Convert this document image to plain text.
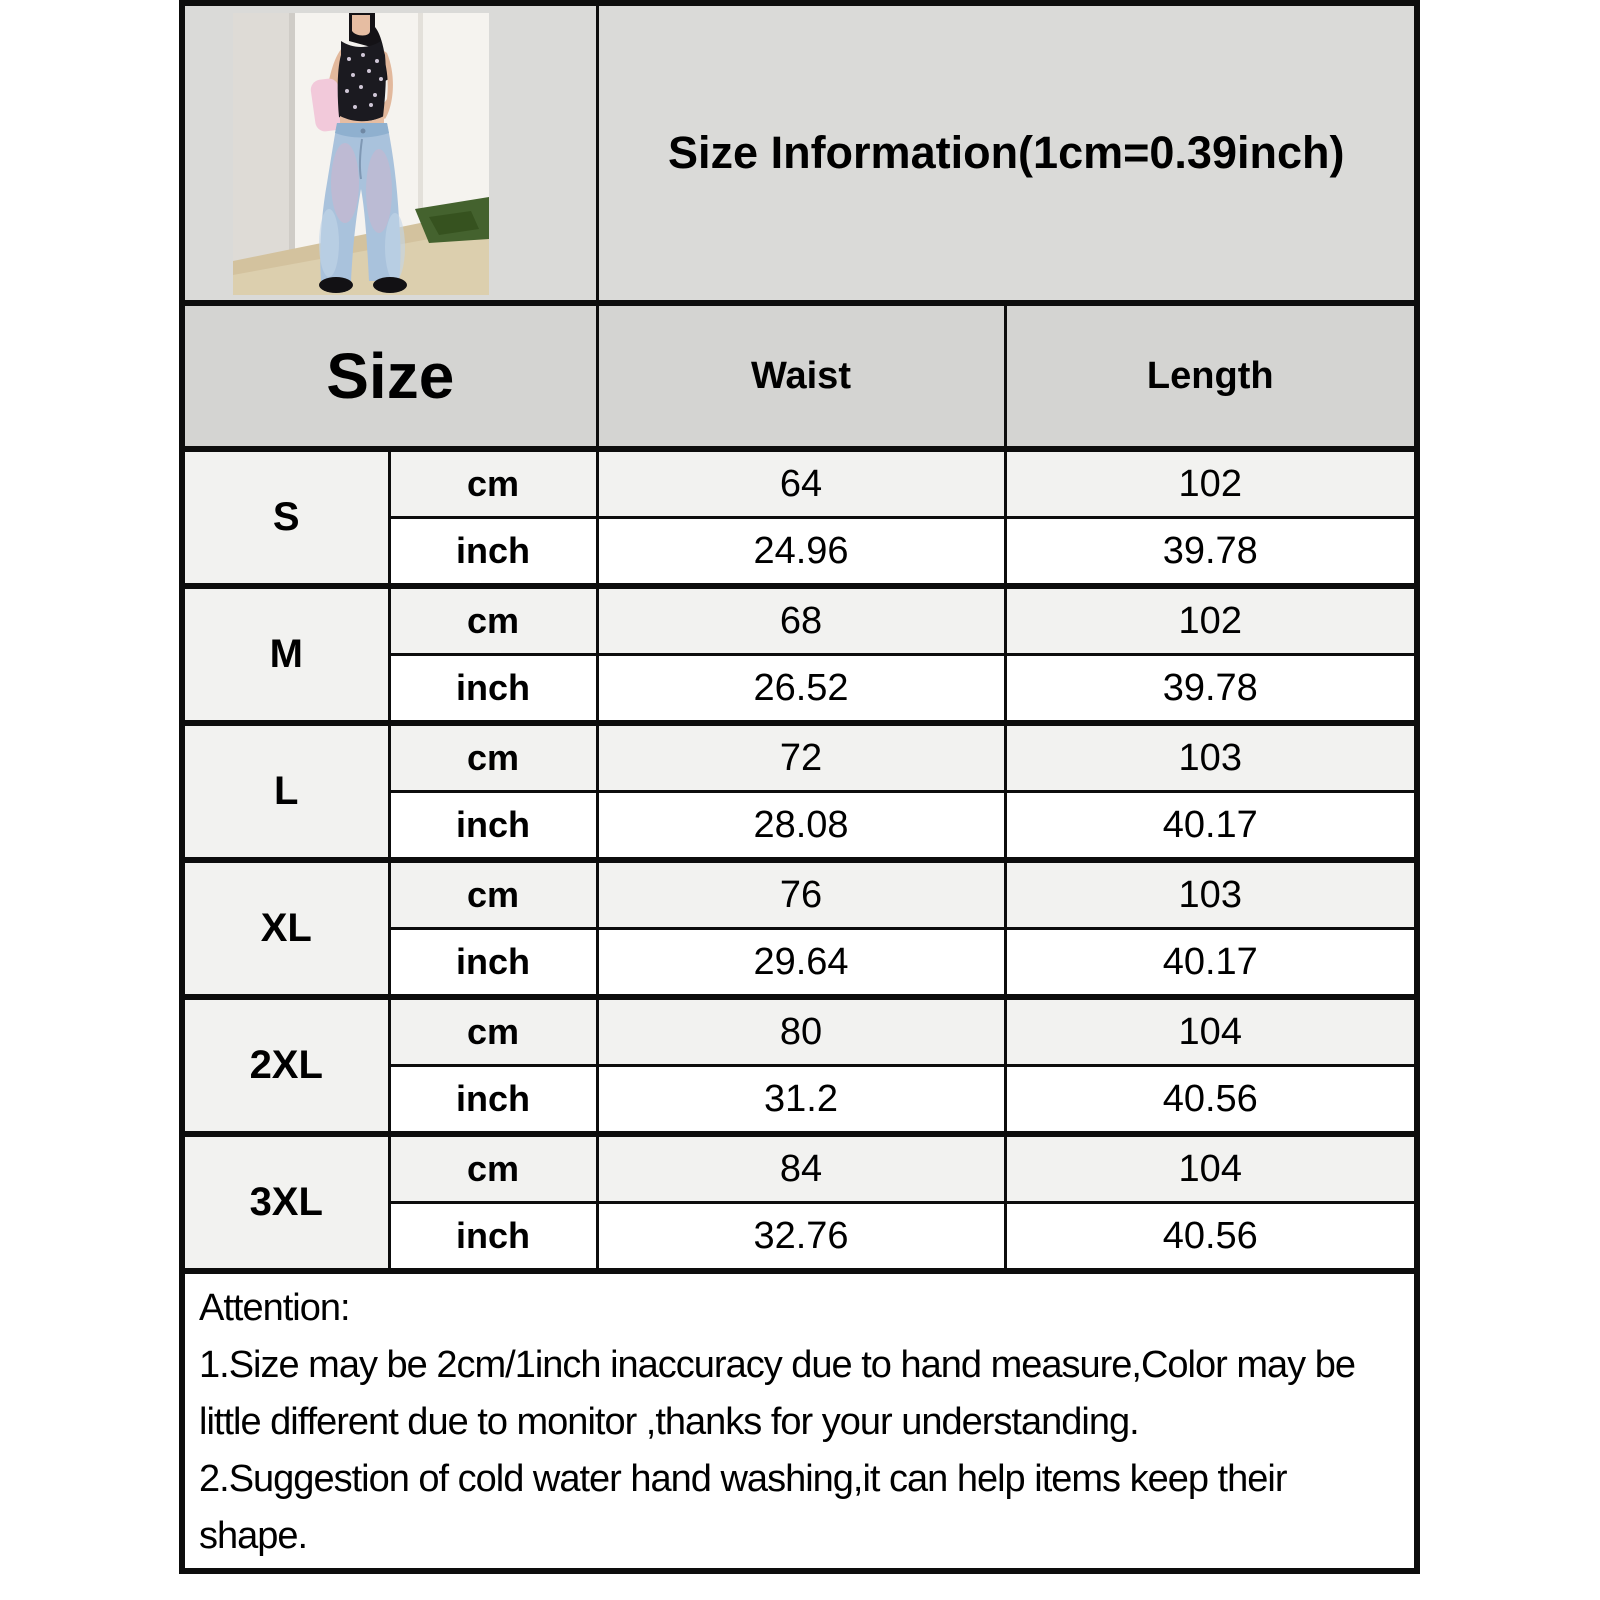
	Size Information(1cm=0.39inch)	
Size		Waist	Length
S	cm	64	102
	inch	24.96	39.78
M	cm	68	102
	inch	26.52	39.78
L	cm	72	103
	inch	28.08	40.17
XL	cm	76	103
	inch	29.64	40.17
2XL	cm	80	104
	inch	31.2	40.56
3XL	cm	84	104
	inch	32.76	40.56

Attention:

1.Size may be 2cm/1inch inaccuracy due to hand measure,Color may be little different due to monitor ,thanks for your understanding.

2.Suggestion of cold water hand washing,it can help items keep their shape.			
